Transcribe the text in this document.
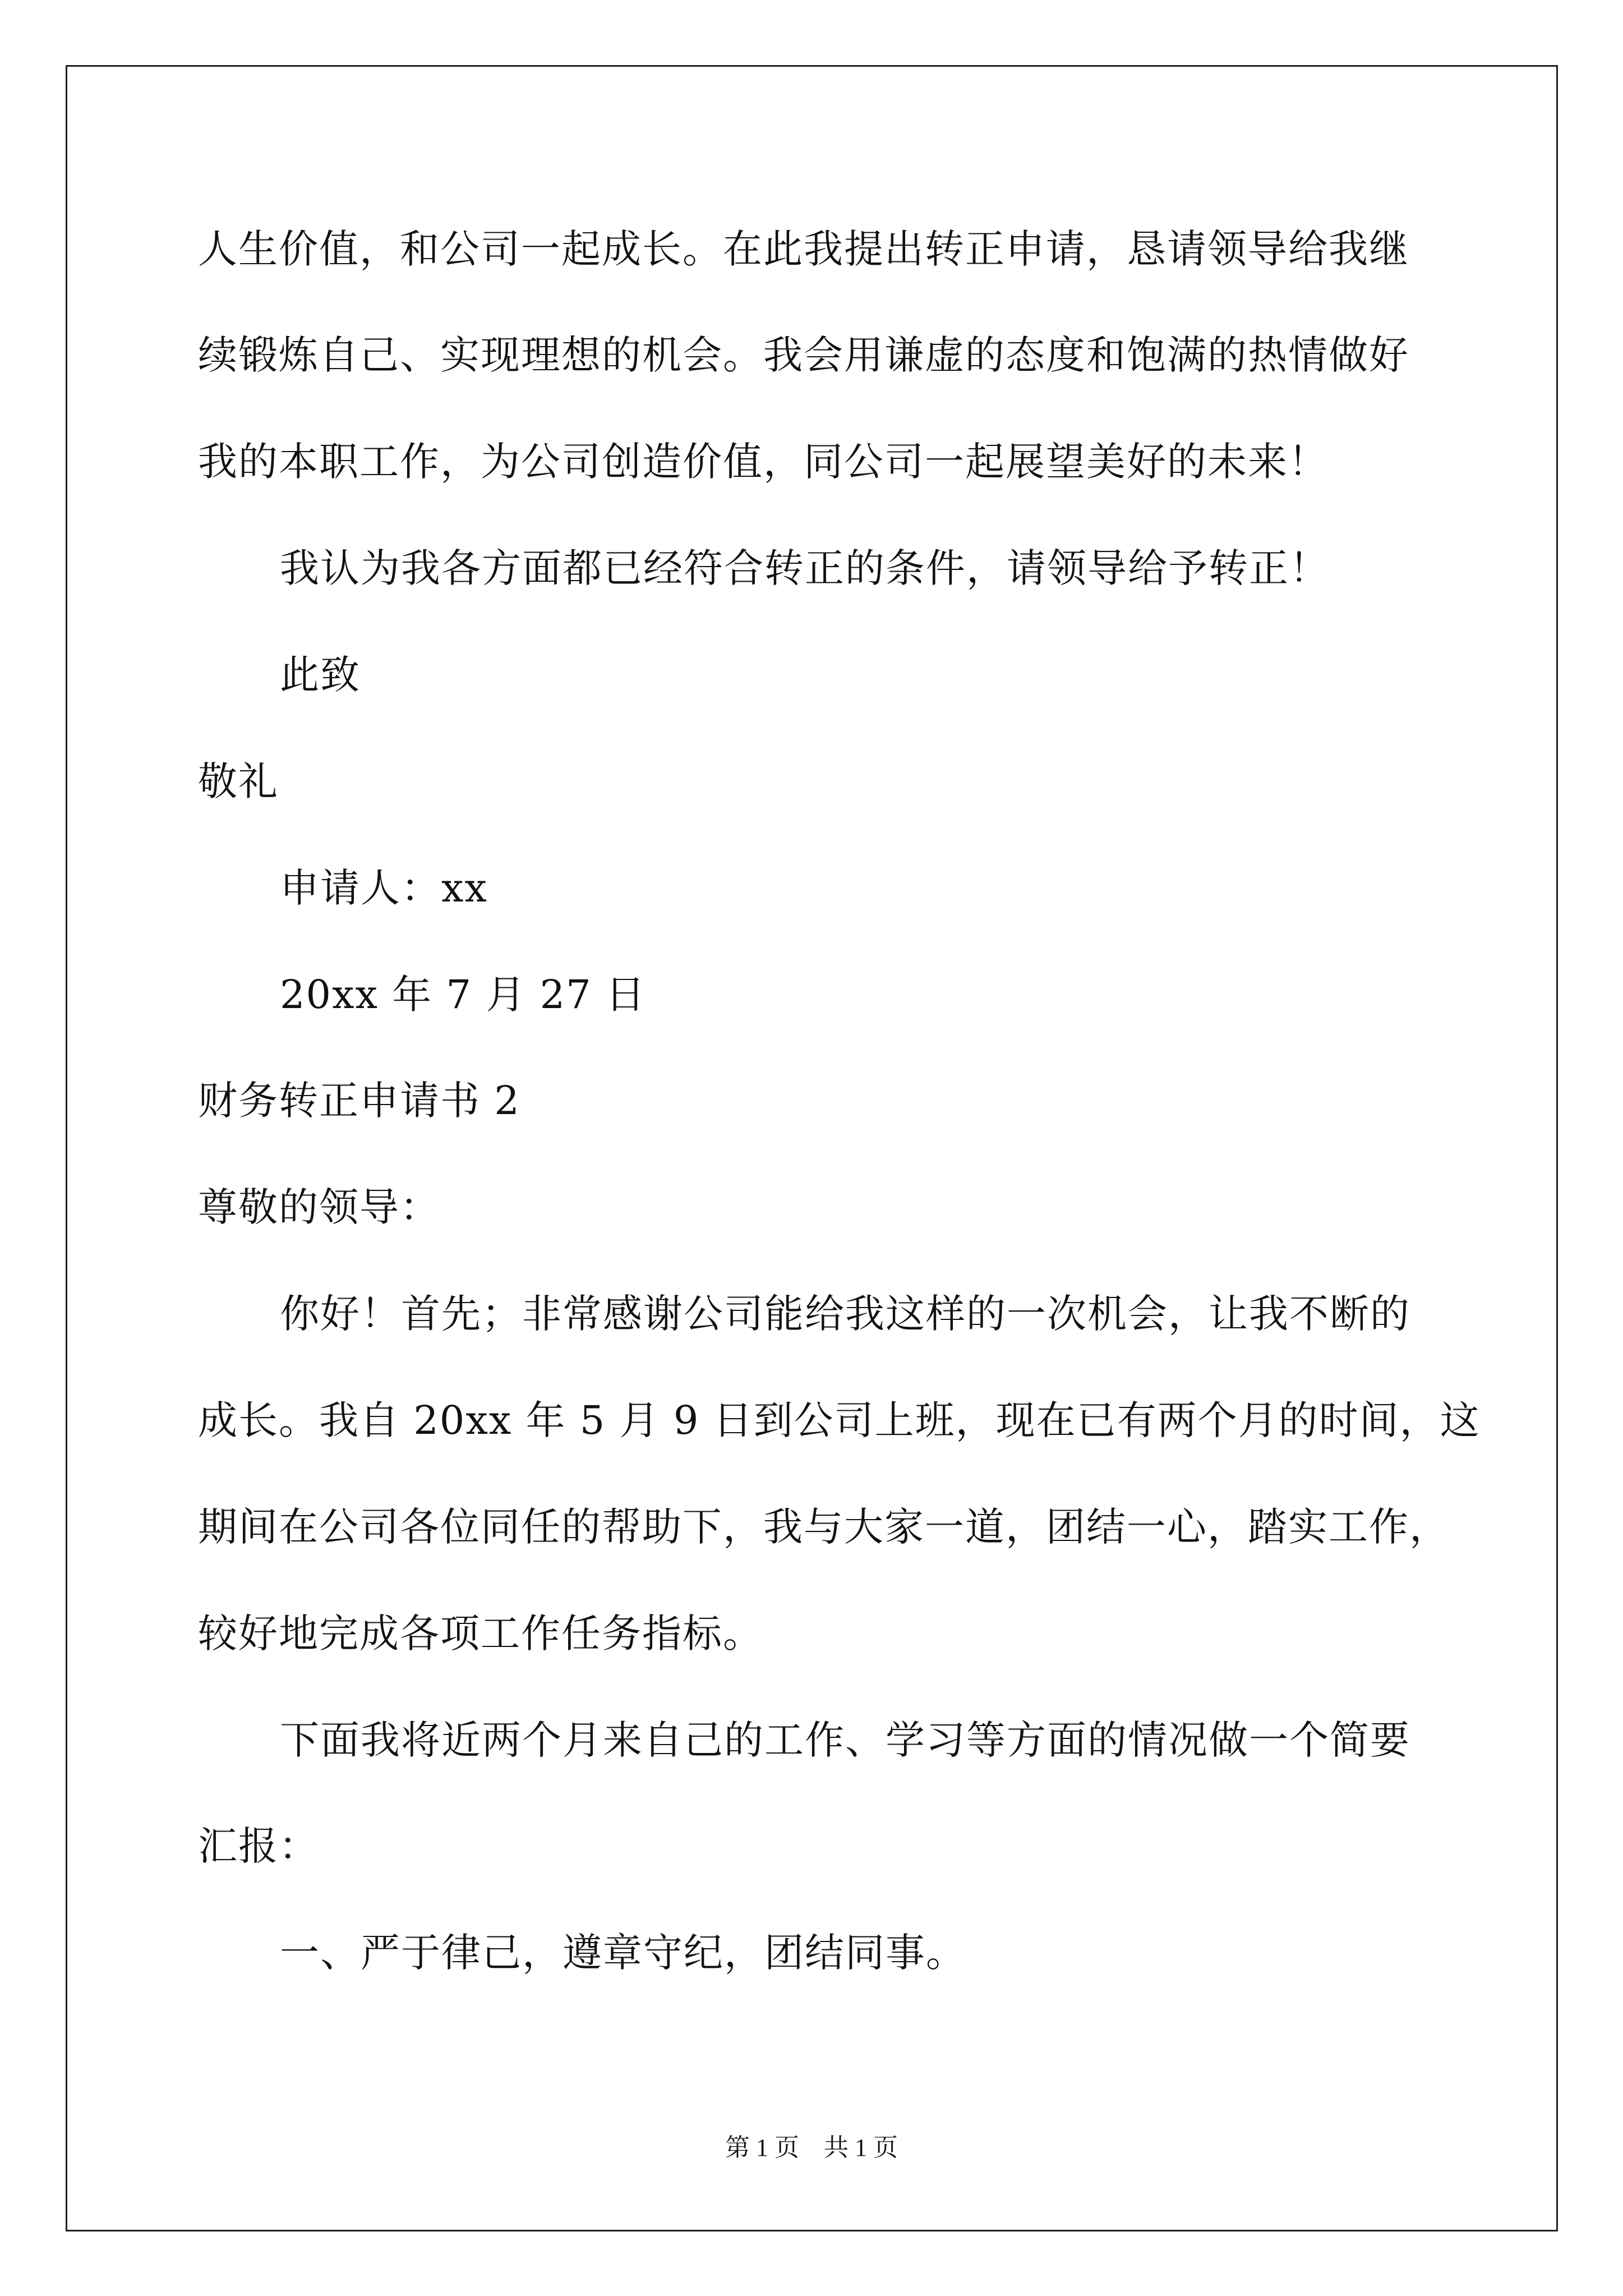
人生价值，和公司一起成长。在此我提出转正申请，恳请领导给我继
续锻炼自己、实现理想的机会。我会用谦虚的态度和饱满的热情做好
我的本职工作，为公司创造价值，同公司一起展望美好的未来！
我认为我各方面都已经符合转正的条件，请领导给予转正！
此致
敬礼
申请人：xx
20xx 年 7 月 27 日
财务转正申请书 2
尊敬的领导：
你好！首先；非常感谢公司能给我这样的一次机会，让我不断的
成长。我自 20xx 年 5 月 9 日到公司上班，现在已有两个月的时间，这
期间在公司各位同任的帮助下，我与大家一道，团结一心，踏实工作，
较好地完成各项工作任务指标。
下面我将近两个月来自己的工作、学习等方面的情况做一个简要
汇报：
一、严于律己，遵章守纪，团结同事。
第 1 页    共 1 页
